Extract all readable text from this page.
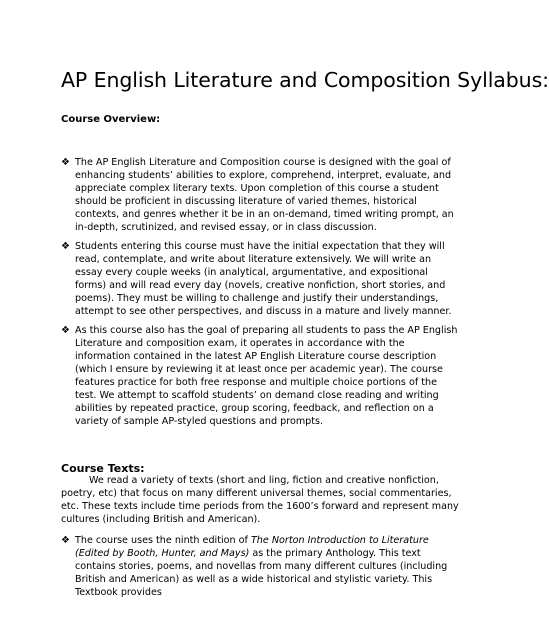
AP English Literature and Composition Syllabus:
Course Overview:
❖ The AP English Literature and Composition course is designed with the goal of enhancing students’ abilities to explore, comprehend, interpret, evaluate, and appreciate complex literary texts. Upon completion of this course a student should be proficient in discussing literature of varied themes, historical contexts, and genres whether it be in an on-demand, timed writing prompt, an in-depth, scrutinized, and revised essay, or in class discussion.
❖ Students entering this course must have the initial expectation that they will read, contemplate, and write about literature extensively. We will write an essay every couple weeks (in analytical, argumentative, and expositional forms) and will read every day (novels, creative nonfiction, short stories, and poems). They must be willing to challenge and justify their understandings, attempt to see other perspectives, and discuss in a mature and lively manner.
❖ As this course also has the goal of preparing all students to pass the AP English Literature and composition exam, it operates in accordance with the information contained in the latest AP English Literature course description (which I ensure by reviewing it at least once per academic year). The course features practice for both free response and multiple choice portions of the test. We attempt to scaffold students’ on demand close reading and writing abilities by repeated practice, group scoring, feedback, and reflection on a variety of sample AP-styled questions and prompts.
Course Texts:
We read a variety of texts (short and ling, fiction and creative nonfiction, poetry, etc) that focus on many different universal themes, social commentaries, etc. These texts include time periods from the 1600’s forward and represent many cultures (including British and American).
❖ The course uses the ninth edition of The Norton Introduction to Literature (Edited by Booth, Hunter, and Mays) as the primary Anthology. This text contains stories, poems, and novellas from many different cultures (including British and American) as well as a wide historical and stylistic variety. This Textbook provides
